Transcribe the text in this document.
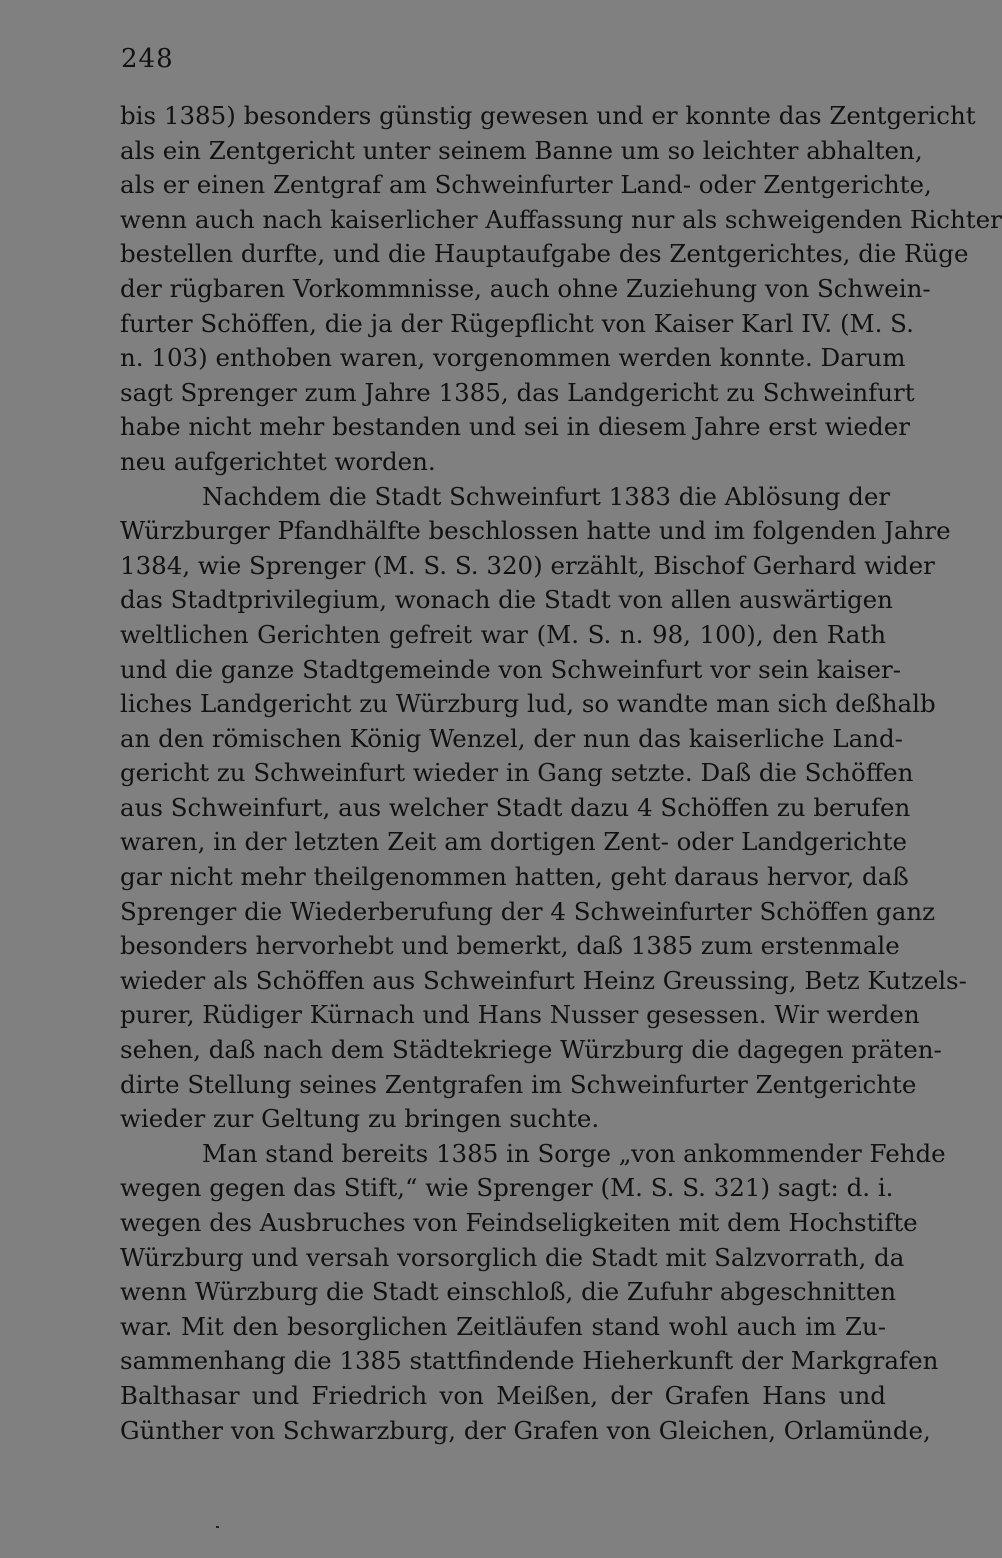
248
bis 1385) besonders günstig gewesen und er konnte das Zentgericht
als ein Zentgericht unter seinem Banne um so leichter abhalten,
als er einen Zentgraf am Schweinfurter Land- oder Zentgerichte,
wenn auch nach kaiserlicher Auffassung nur als schweigenden Richter
bestellen durfte, und die Hauptaufgabe des Zentgerichtes, die Rüge
der rügbaren Vorkommnisse, auch ohne Zuziehung von Schwein-
furter Schöffen, die ja der Rügepflicht von Kaiser Karl IV. (M. S.
n. 103) enthoben waren, vorgenommen werden konnte. Darum
sagt Sprenger zum Jahre 1385, das Landgericht zu Schweinfurt
habe nicht mehr bestanden und sei in diesem Jahre erst wieder
neu aufgerichtet worden.
Nachdem die Stadt Schweinfurt 1383 die Ablösung der
Würzburger Pfandhälfte beschlossen hatte und im folgenden Jahre
1384, wie Sprenger (M. S. S. 320) erzählt, Bischof Gerhard wider
das Stadtprivilegium, wonach die Stadt von allen auswärtigen
weltlichen Gerichten gefreit war (M. S. n. 98, 100), den Rath
und die ganze Stadtgemeinde von Schweinfurt vor sein kaiser-
liches Landgericht zu Würzburg lud, so wandte man sich deßhalb
an den römischen König Wenzel, der nun das kaiserliche Land-
gericht zu Schweinfurt wieder in Gang setzte. Daß die Schöffen
aus Schweinfurt, aus welcher Stadt dazu 4 Schöffen zu berufen
waren, in der letzten Zeit am dortigen Zent- oder Landgerichte
gar nicht mehr theilgenommen hatten, geht daraus hervor, daß
Sprenger die Wiederberufung der 4 Schweinfurter Schöffen ganz
besonders hervorhebt und bemerkt, daß 1385 zum erstenmale
wieder als Schöffen aus Schweinfurt Heinz Greussing, Betz Kutzels-
purer, Rüdiger Kürnach und Hans Nusser gesessen. Wir werden
sehen, daß nach dem Städtekriege Würzburg die dagegen präten-
dirte Stellung seines Zentgrafen im Schweinfurter Zentgerichte
wieder zur Geltung zu bringen suchte.
Man stand bereits 1385 in Sorge „von ankommender Fehde
wegen gegen das Stift,“ wie Sprenger (M. S. S. 321) sagt: d. i.
wegen des Ausbruches von Feindseligkeiten mit dem Hochstifte
Würzburg und versah vorsorglich die Stadt mit Salzvorrath, da
wenn Würzburg die Stadt einschloß, die Zufuhr abgeschnitten
war. Mit den besorglichen Zeitläufen stand wohl auch im Zu-
sammenhang die 1385 stattfindende Hieherkunft der Markgrafen
Balthasar und Friedrich von Meißen, der Grafen Hans und
Günther von Schwarzburg, der Grafen von Gleichen, Orlamünde,
